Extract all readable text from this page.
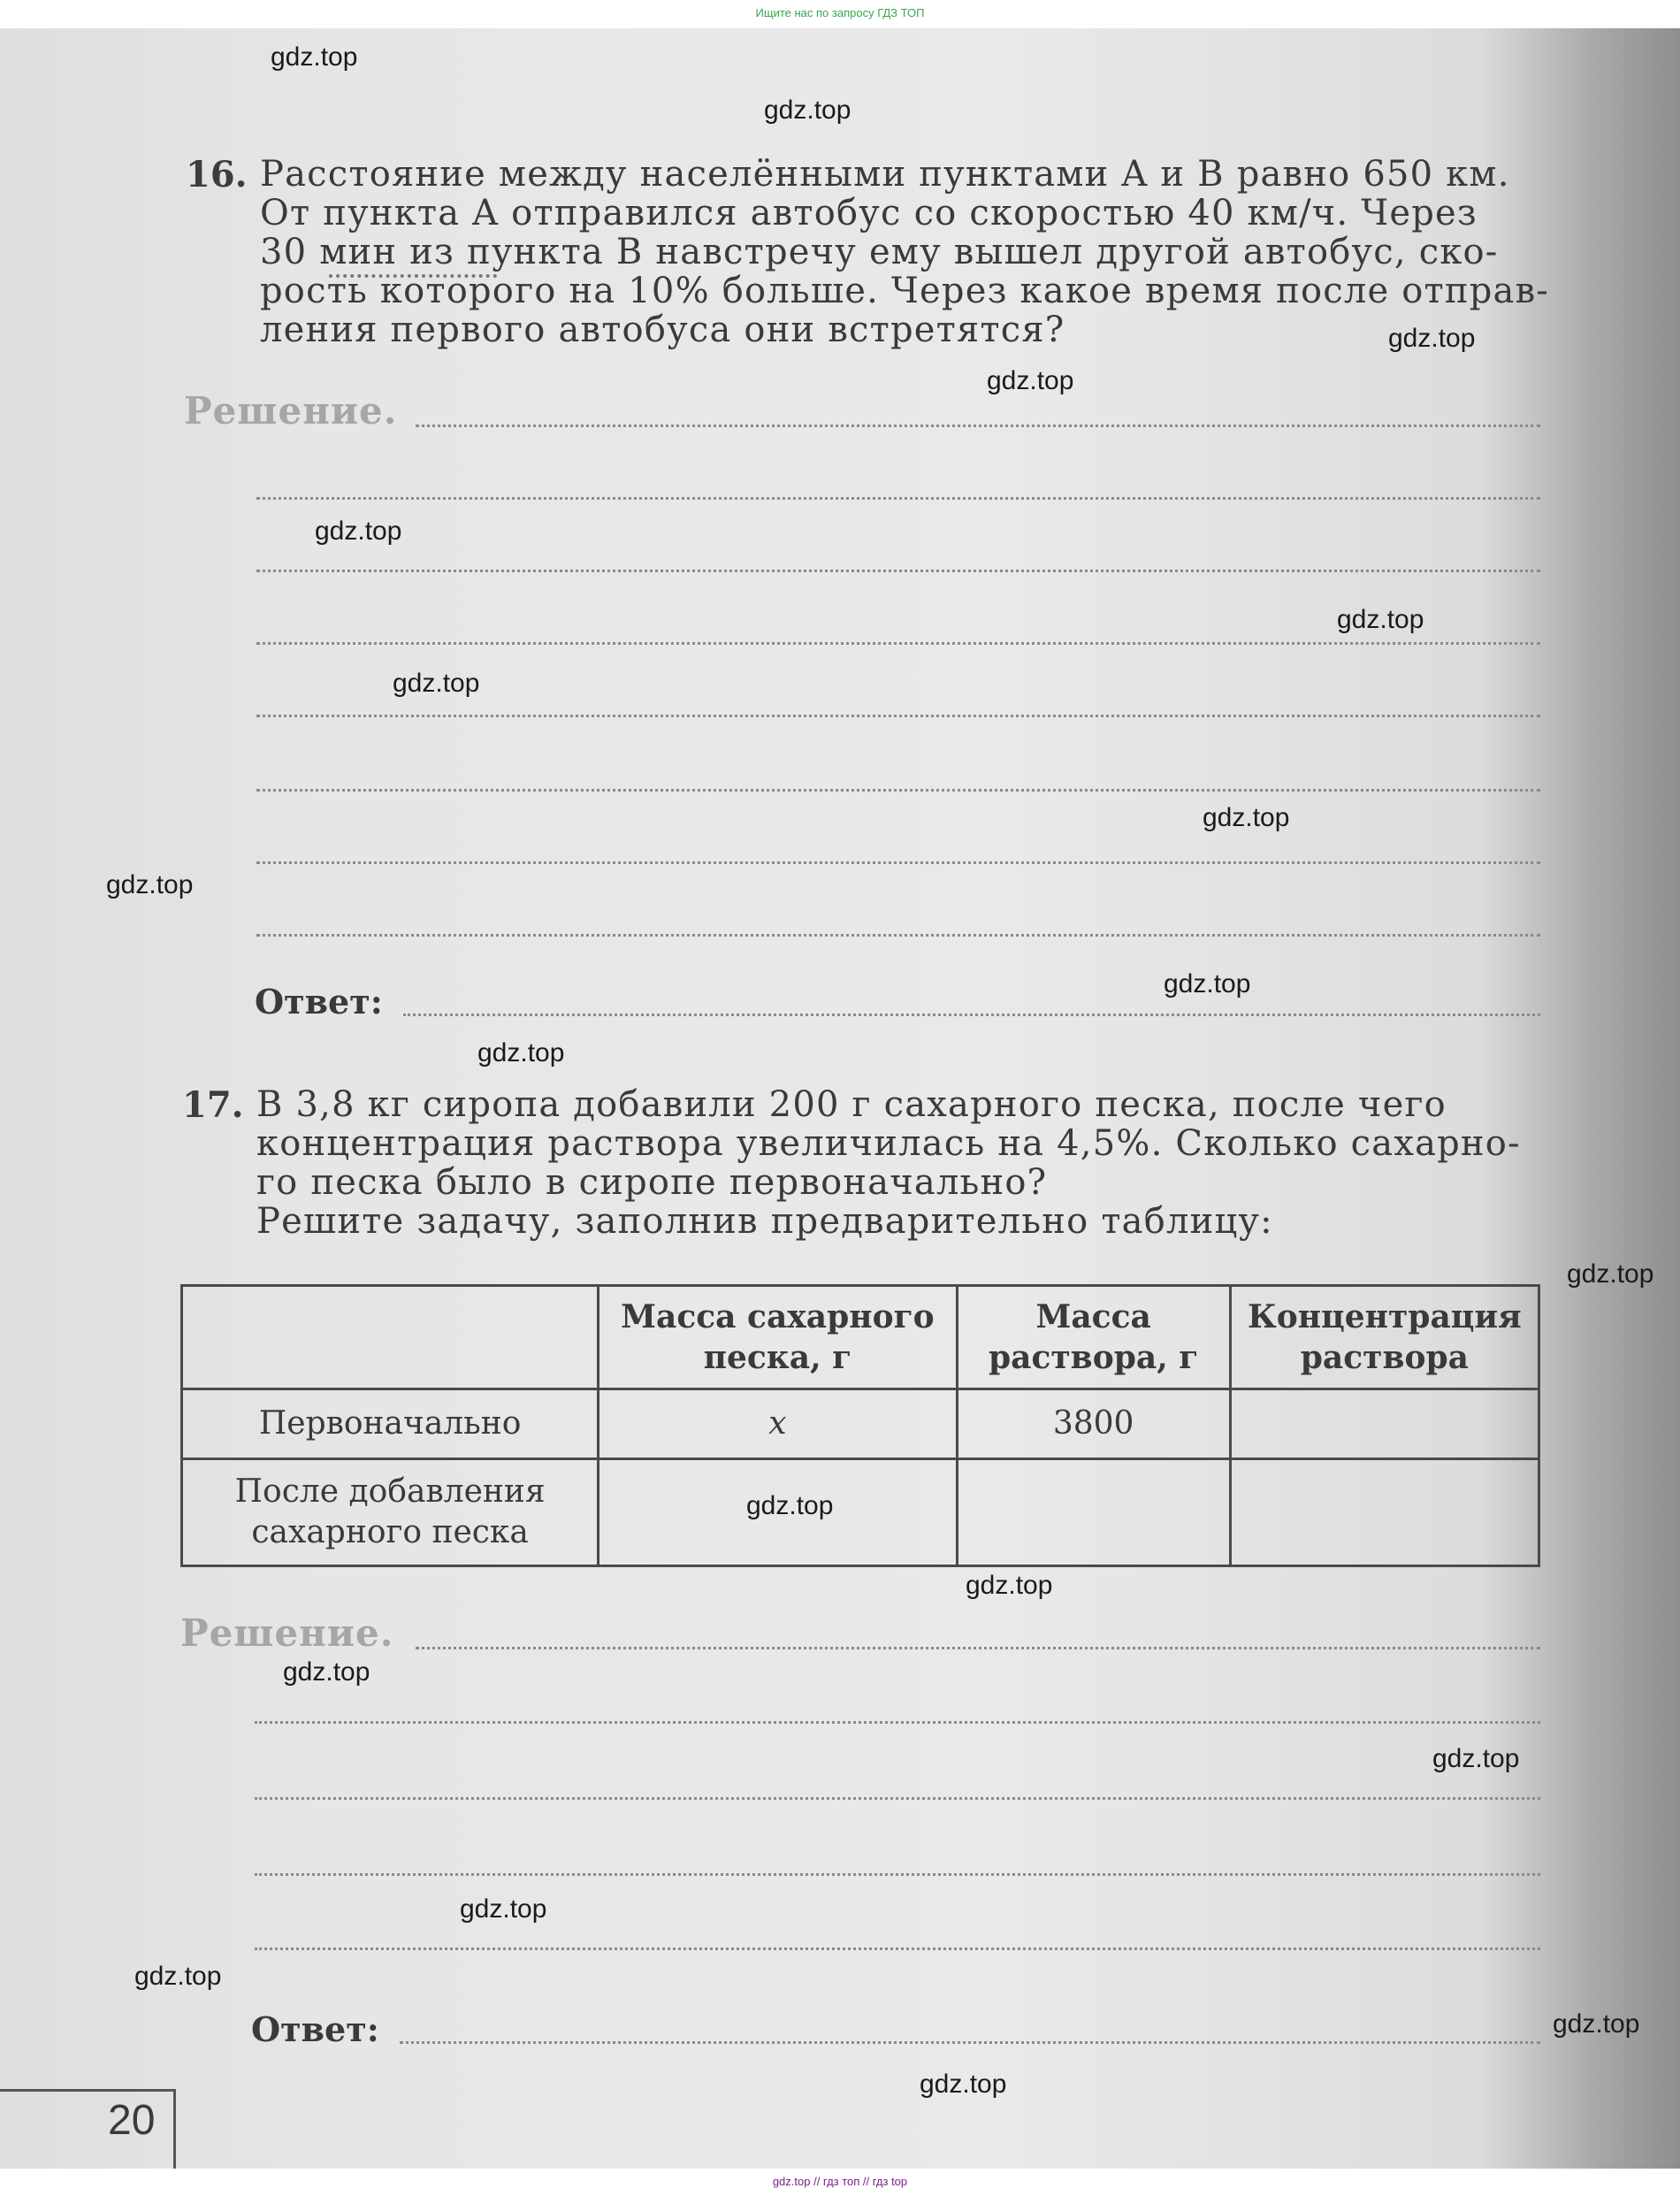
Ищите нас по запросу ГДЗ ТОП
16. Расстояние между населёнными пунктами A и B равно 650 км.
От пункта A отправился автобус со скоростью 40 км/ч. Через
30 мин из пункта B навстречу ему вышел другой автобус, ско-
рость которого на 10% больше. Через какое время после отправ-
ления первого автобуса они встретятся?
Решение.
Ответ:
17. В 3,8 кг сиропа добавили 200 г сахарного песка, после чего
концентрация раствора увеличилась на 4,5%. Сколько сахарно-
го песка было в сиропе первоначально?
Решите задачу, заполнив предварительно таблицу:
	Масса сахарного песка, г	Масса раствора, г	Концентрация раствора
Первоначально	x	3800	
После добавления сахарного песка			
Решение.
Ответ:
20
gdz.top
gdz.top
gdz.top
gdz.top
gdz.top
gdz.top
gdz.top
gdz.top
gdz.top
gdz.top
gdz.top
gdz.top
gdz.top
gdz.top
gdz.top
gdz.top
gdz.top
gdz.top
gdz.top
gdz.top
gdz.top // гдз топ // гдз top
